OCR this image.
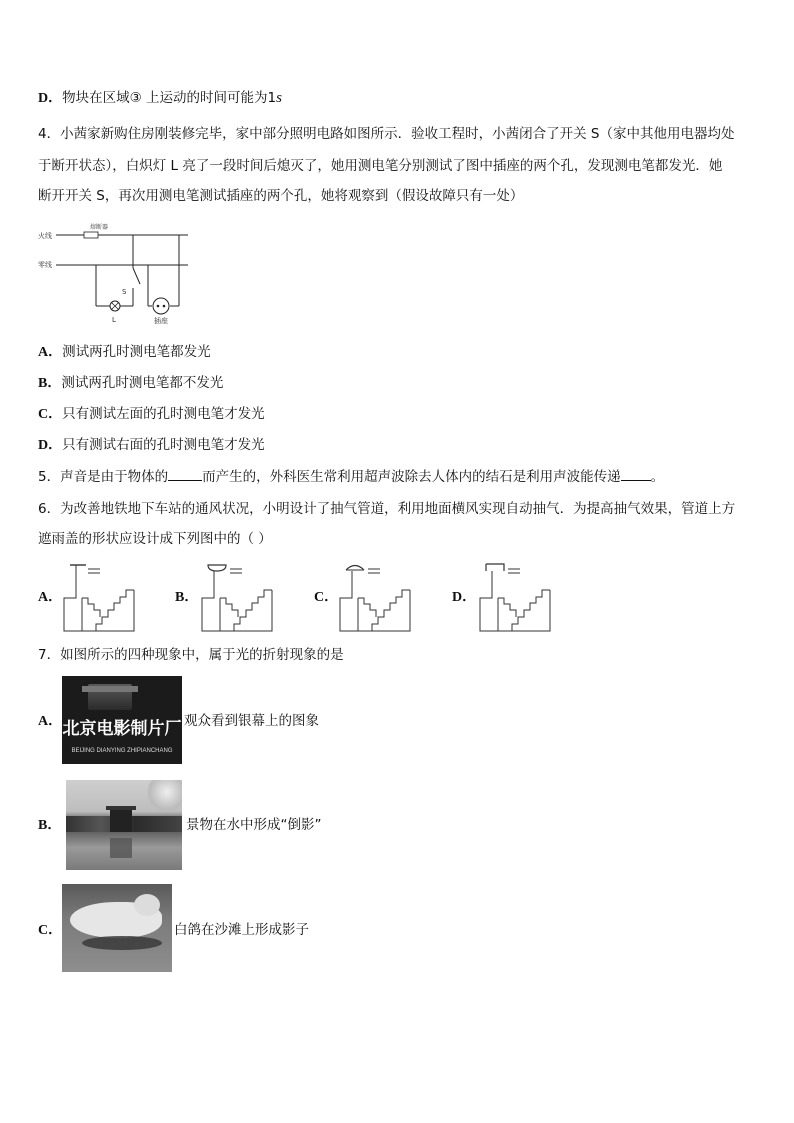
D．物块在区域③ 上运动的时间可能为1s
4．小茜家新购住房刚装修完毕，家中部分照明电路如图所示．验收工程时，小茜闭合了开关 S（家中其他用电器均处
于断开状态），白炽灯 L 亮了一段时间后熄灭了，她用测电笔分别测试了图中插座的两个孔，发现测电笔都发光．她
断开开关 S，再次用测电笔测试插座的两个孔，她将观察到（假设故障只有一处）
火线
零线
熔断器
L
S
插座
A．测试两孔时测电笔都发光
B．测试两孔时测电笔都不发光
C．只有测试左面的孔时测电笔才发光
D．只有测试右面的孔时测电笔才发光
5．声音是由于物体的	而产生的，外科医生常利用超声波除去人体内的结石是利用声波能传递 。
6．为改善地铁地下车站的通风状况，小明设计了抽气管道，利用地面横风实现自动抽气．为提高抽气效果，管道上方
遮雨盖的形状应设计成下列图中的（ ）
A．	B．	C．	D．
7．如图所示的四种现象中，属于光的折射现象的是
A． 北京电影制片厂
BEIJING DIANYING ZHIPIANCHANG
观众看到银幕上的图象
B．	景物在水中形成“倒影”
C．	白鸽在沙滩上形成影子
